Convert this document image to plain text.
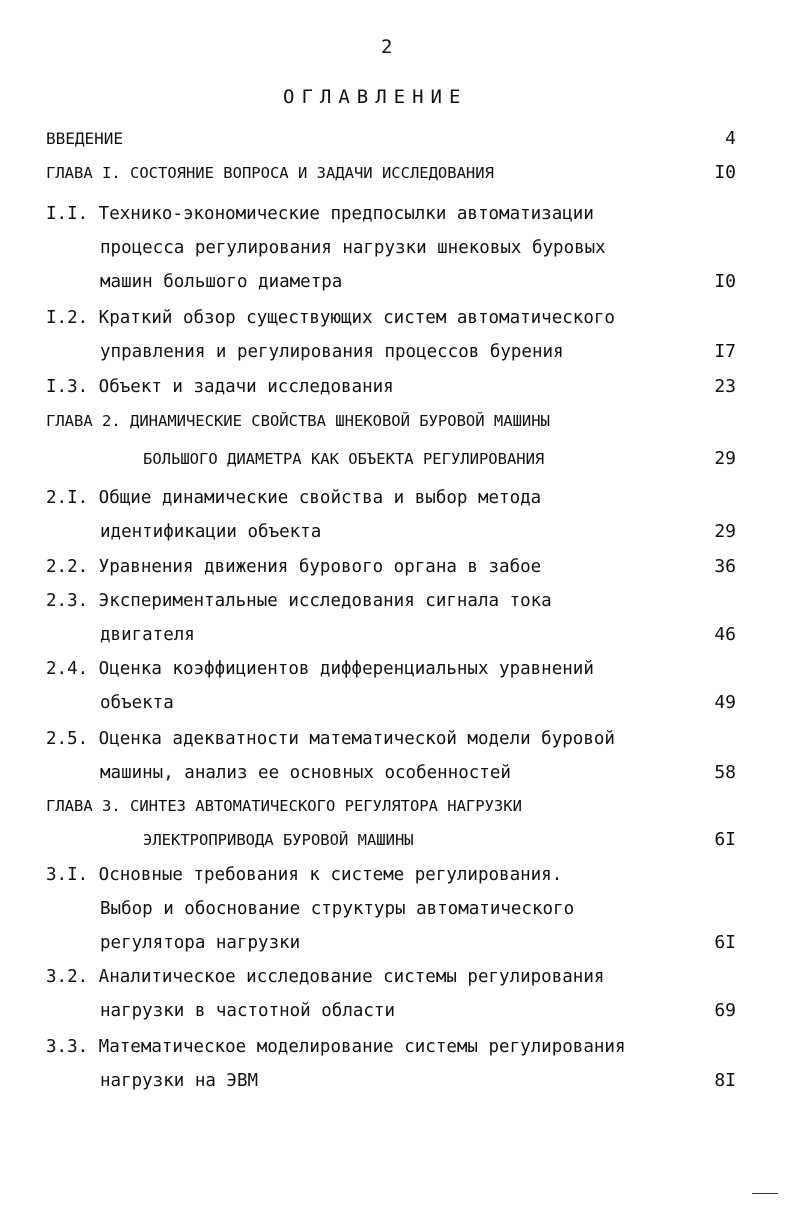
2
ОГЛАВЛЕНИЕ
ВВЕДЕНИЕ	4
ГЛАВА I. СОСТОЯНИЕ ВОПРОСА И ЗАДАЧИ ИССЛЕДОВАНИЯ	I0
I.I. Технико-экономические предпосылки автоматизации
процесса регулирования нагрузки шнековых буровых
машин большого диаметра	I0
I.2. Краткий обзор существующих систем автоматического
управления и регулирования процессов бурения	I7
I.3. Объект и задачи исследования	23
ГЛАВА 2. ДИНАМИЧЕСКИЕ СВОЙСТВА ШНЕКОВОЙ БУРОВОЙ МАШИНЫ
БОЛЬШОГО ДИАМЕТРА КАК ОБЪЕКТА РЕГУЛИРОВАНИЯ	29
2.I. Общие динамические свойства и выбор метода
идентификации объекта	29
2.2. Уравнения движения бурового органа в забое	36
2.3. Экспериментальные исследования сигнала тока
двигателя	46
2.4. Оценка коэффициентов дифференциальных уравнений
объекта	49
2.5. Оценка адекватности математической модели буровой
машины, анализ ее основных особенностей	58
ГЛАВА 3. СИНТЕЗ АВТОМАТИЧЕСКОГО РЕГУЛЯТОРА НАГРУЗКИ
ЭЛЕКТРОПРИВОДА БУРОВОЙ МАШИНЫ	6I
3.I. Основные требования к системе регулирования.
Выбор и обоснование структуры автоматического
регулятора нагрузки	6I
3.2. Аналитическое исследование системы регулирования
нагрузки в частотной области	69
3.3. Математическое моделирование системы регулирования
нагрузки на ЭВМ	8I
